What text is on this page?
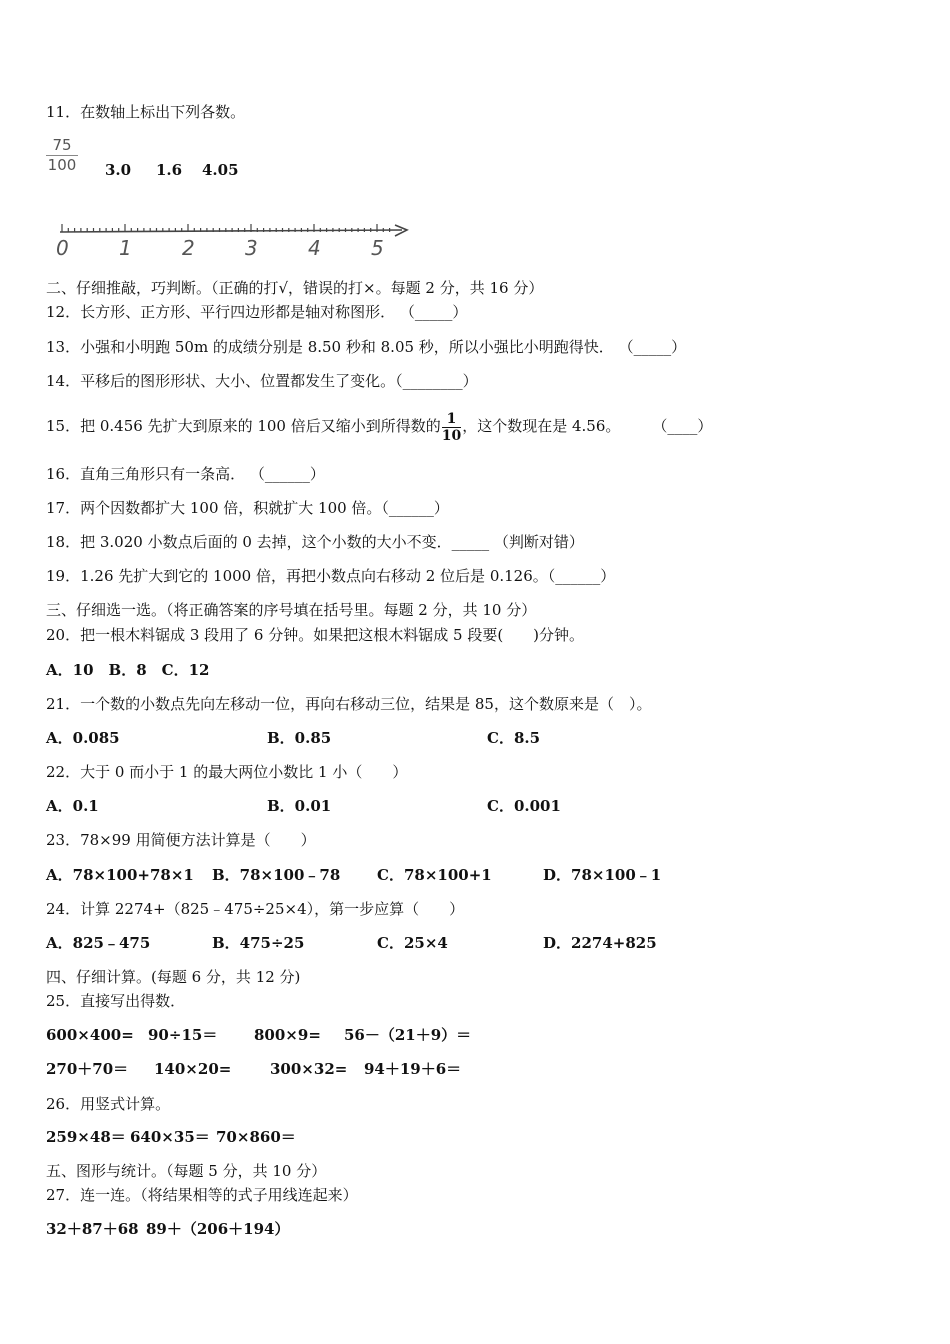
11．在数轴上标出下列各数。
$\frac{75}{100} 3.0$ 1.6 4.05
0	1	2	3	4	5
二、仔细推敲，巧判断。（正确的打√，错误的打×。每题 2 分，共 16 分）
12．长方形、正方形、平行四边形都是轴对称图形． （_____）
13．小强和小明跑 50m 的成绩分别是 8.50 秒和 8.05 秒，所以小强比小明跑得快． （_____）
14．平移后的图形形状、大小、位置都发生了变化。（________）
15．把 0.456 先扩大到原来的 100 倍后又缩小到所得数的 $\frac{1}{10}$ ，这个数现在是 4.56。 （____）
16．直角三角形只有一条高． （______）
17．两个因数都扩大 100 倍，积就扩大 100 倍。（______）
18．把 3.020 小数点后面的 0 去掉，这个小数的大小不变．_____ （判断对错）
19．1.26 先扩大到它的 1000 倍，再把小数点向右移动 2 位后是 0.126。（______）
三、仔细选一选。（将正确答案的序号填在括号里。每题 2 分，共 10 分）
20．把一根木料锯成 3 段用了 6 分钟。如果把这根木料锯成 5 段要(　　)分钟。
A．10　B．8　C．12
21．一个数的小数点先向左移动一位，再向右移动三位，结果是 85，这个数原来是（　）。
A．0.085	B．0.85	C．8.5
22．大于 0 而小于 1 的最大两位小数比 1 小（　　）
A．0.1	B．0.01	C．0.001
23．78×99 用简便方法计算是（　　）
A．78×100+78×1 B．78×100﹣78 C．78×100+1	D．78×100﹣1
24．计算 2274+（825﹣475÷25×4），第一步应算（　　）
A．825﹣475	B．475÷25	C．25×4	D．2274+825
四、仔细计算。(每题 6 分，共 12 分)
25．直接写出得数．
600×400= 90÷15＝ 800×9= 56－（21＋9）＝
270＋70＝ 140×20=	300×32= 94＋19＋6＝
26．用竖式计算。
259×48＝ 640×35＝ 70×860＝
五、图形与统计。（每题 5 分，共 10 分）
27．连一连。（将结果相等的式子用线连起来）
32＋87＋68 89＋（206＋194）
